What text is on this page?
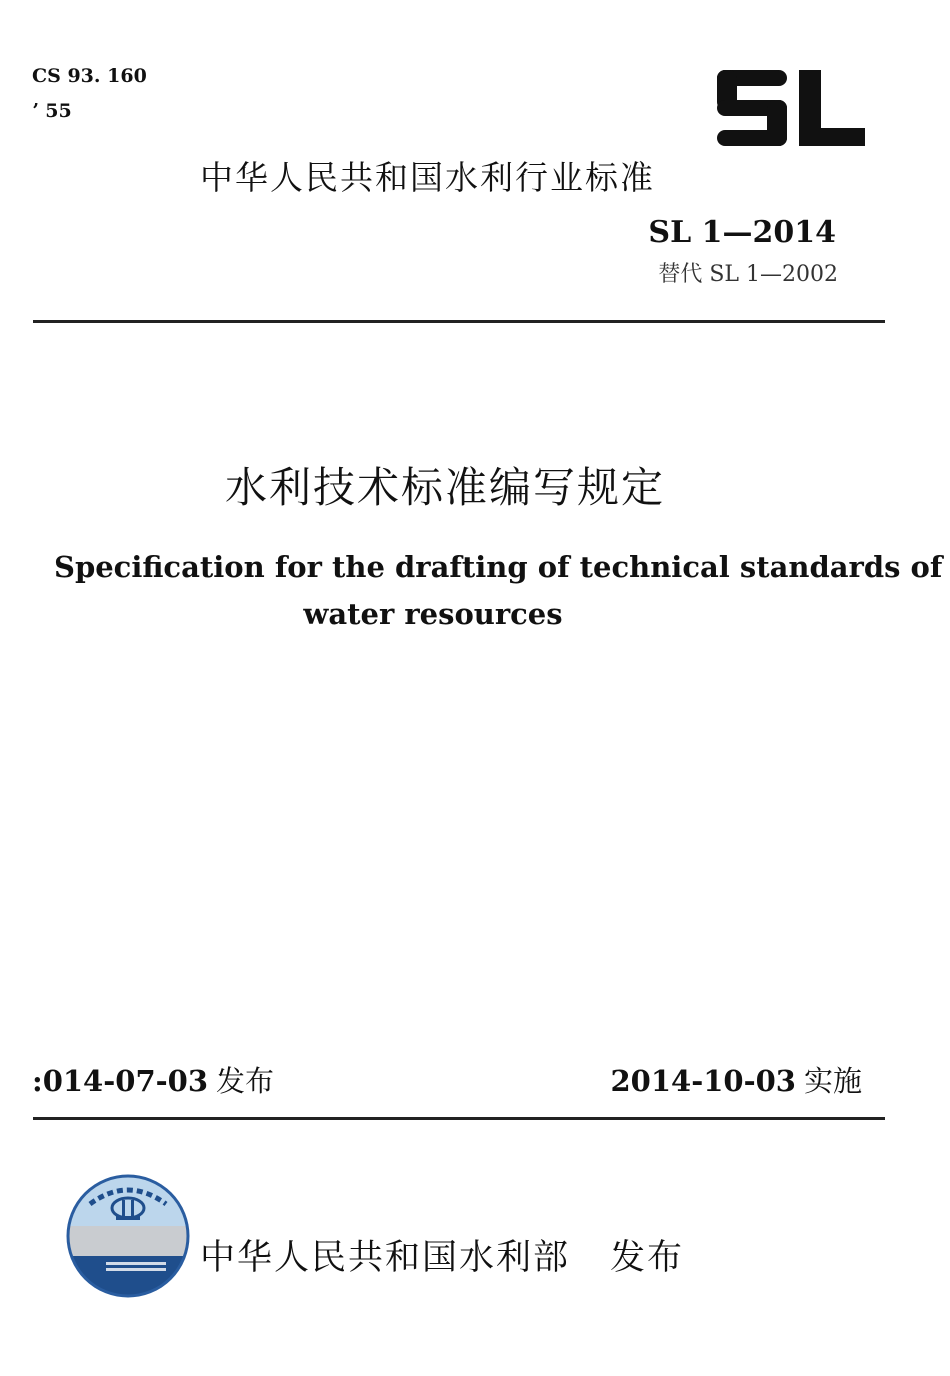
CS 93. 160
ʼ 55
中华人民共和国水利行业标准
SL 1—2014
替代 SL 1—2002
水利技术标准编写规定
Specification for the drafting of technical standards of
water resources
:014-07-03 发布	2014-10-03 实施
中华人民共和国水利部 发布
